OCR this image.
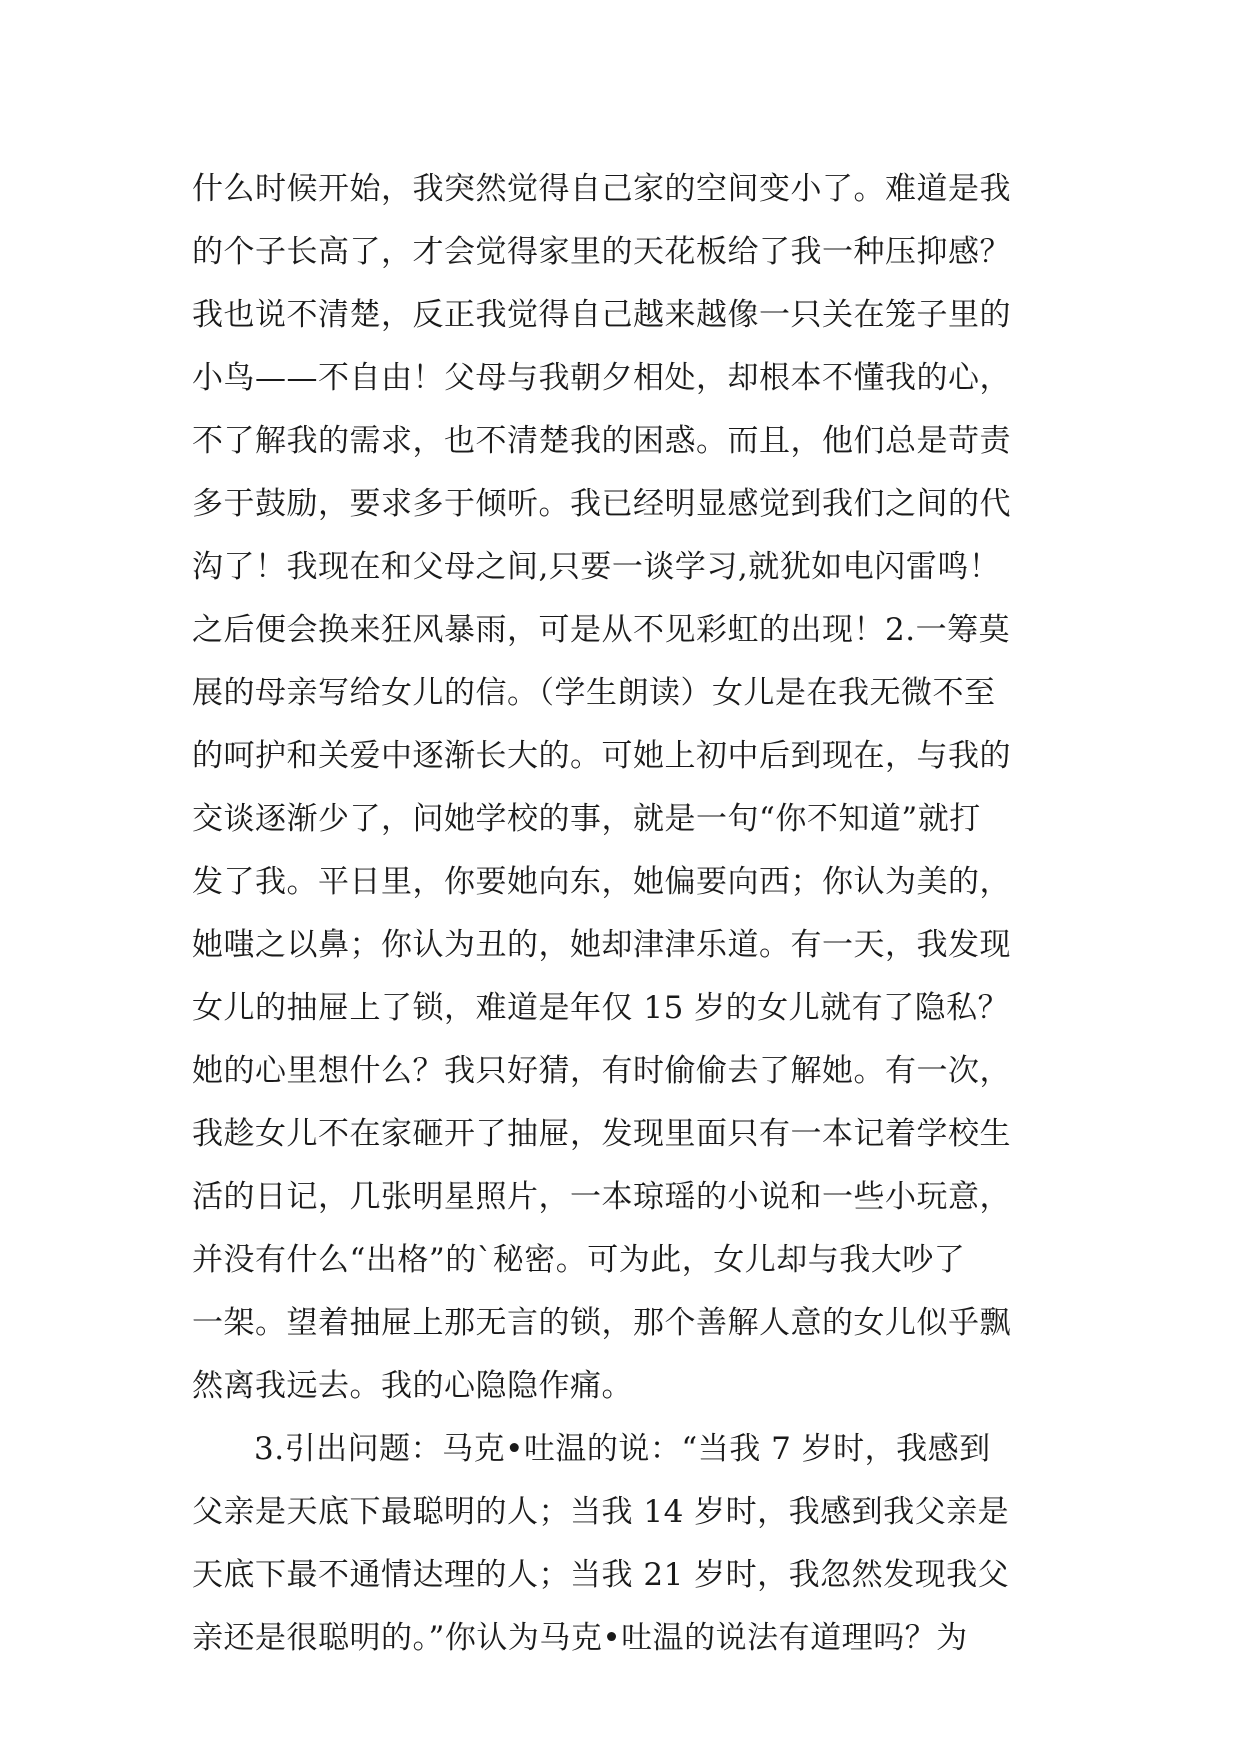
什么时候开始，我突然觉得自己家的空间变小了。难道是我
的个子长高了，才会觉得家里的天花板给了我一种压抑感？
我也说不清楚，反正我觉得自己越来越像一只关在笼子里的
小鸟——不自由！父母与我朝夕相处，却根本不懂我的心，
不了解我的需求，也不清楚我的困惑。而且，他们总是苛责
多于鼓励，要求多于倾听。我已经明显感觉到我们之间的代
沟了！我现在和父母之间,只要一谈学习,就犹如电闪雷鸣！
之后便会换来狂风暴雨，可是从不见彩虹的出现！2.一筹莫
展的母亲写给女儿的信。（学生朗读）女儿是在我无微不至
的呵护和关爱中逐渐长大的。可她上初中后到现在，与我的
交谈逐渐少了，问她学校的事，就是一句“你不知道”就打
发了我。平日里，你要她向东，她偏要向西；你认为美的，
她嗤之以鼻；你认为丑的，她却津津乐道。有一天，我发现
女儿的抽屉上了锁，难道是年仅 15 岁的女儿就有了隐私？
她的心里想什么？我只好猜，有时偷偷去了解她。有一次，
我趁女儿不在家砸开了抽屉，发现里面只有一本记着学校生
活的日记，几张明星照片，一本琼瑶的小说和一些小玩意，
并没有什么“出格”的`秘密。可为此，女儿却与我大吵了
一架。望着抽屉上那无言的锁，那个善解人意的女儿似乎飘
然离我远去。我的心隐隐作痛。
3.引出问题：马克•吐温的说：“当我 7 岁时，我感到
父亲是天底下最聪明的人；当我 14 岁时，我感到我父亲是
天底下最不通情达理的人；当我 21 岁时，我忽然发现我父
亲还是很聪明的。”你认为马克•吐温的说法有道理吗？为
